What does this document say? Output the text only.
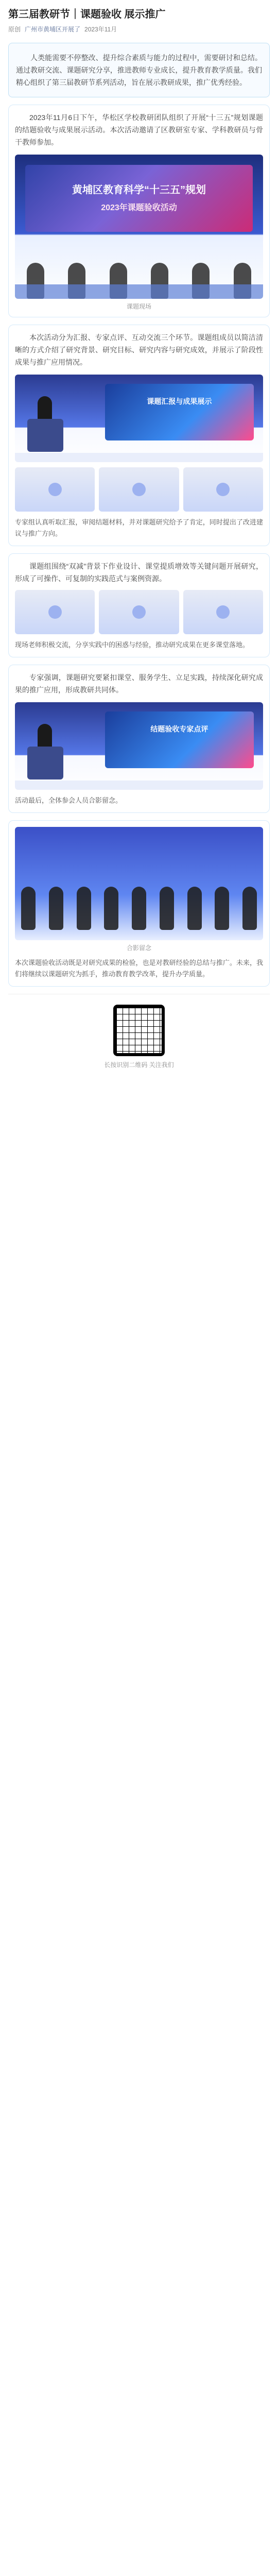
第三届教研节｜课题验收 展示推广
原创 广州市黄埔区开展了 2023年11月

人类能需要不停整改、提升综合素质与能力的过程中，需要研讨和总结。通过教研交流、课题研究分享，推进教师专业成长，提升教育教学质量。我们精心组织了第三届教研节系列活动，旨在展示教研成果，推广优秀经验。

2023年11月6日下午，华松区学校教研团队组织了开展“十三五”规划课题的结题验收与成果展示活动。本次活动邀请了区教研室专家、学科教研员与骨干教师参加。

黄埔区教育科学“十三五”规划
2023年课题验收活动
课题现场

本次活动分为汇报、专家点评、互动交流三个环节。课题组成员以简洁清晰的方式介绍了研究背景、研究目标、研究内容与研究成效，并展示了阶段性成果与推广应用情况。

课题汇报与成果展示

专家组认真听取汇报，审阅结题材料，并对课题研究给予了肯定，同时提出了改进建议与推广方向。

课题组围绕“双减”背景下作业设计、课堂提质增效等关键问题开展研究，形成了可操作、可复制的实践范式与案例资源。

现场老师积极交流，分享实践中的困惑与经验，推动研究成果在更多课堂落地。

专家强调，课题研究要紧扣课堂、服务学生、立足实践，持续深化研究成果的推广应用，形成教研共同体。

结题验收专家点评

活动最后，全体参会人员合影留念。

合影留念

本次课题验收活动既是对研究成果的检验，也是对教研经验的总结与推广。未来，我们将继续以课题研究为抓手，推动教育教学改革，提升办学质量。

长按识别二维码 关注我们
